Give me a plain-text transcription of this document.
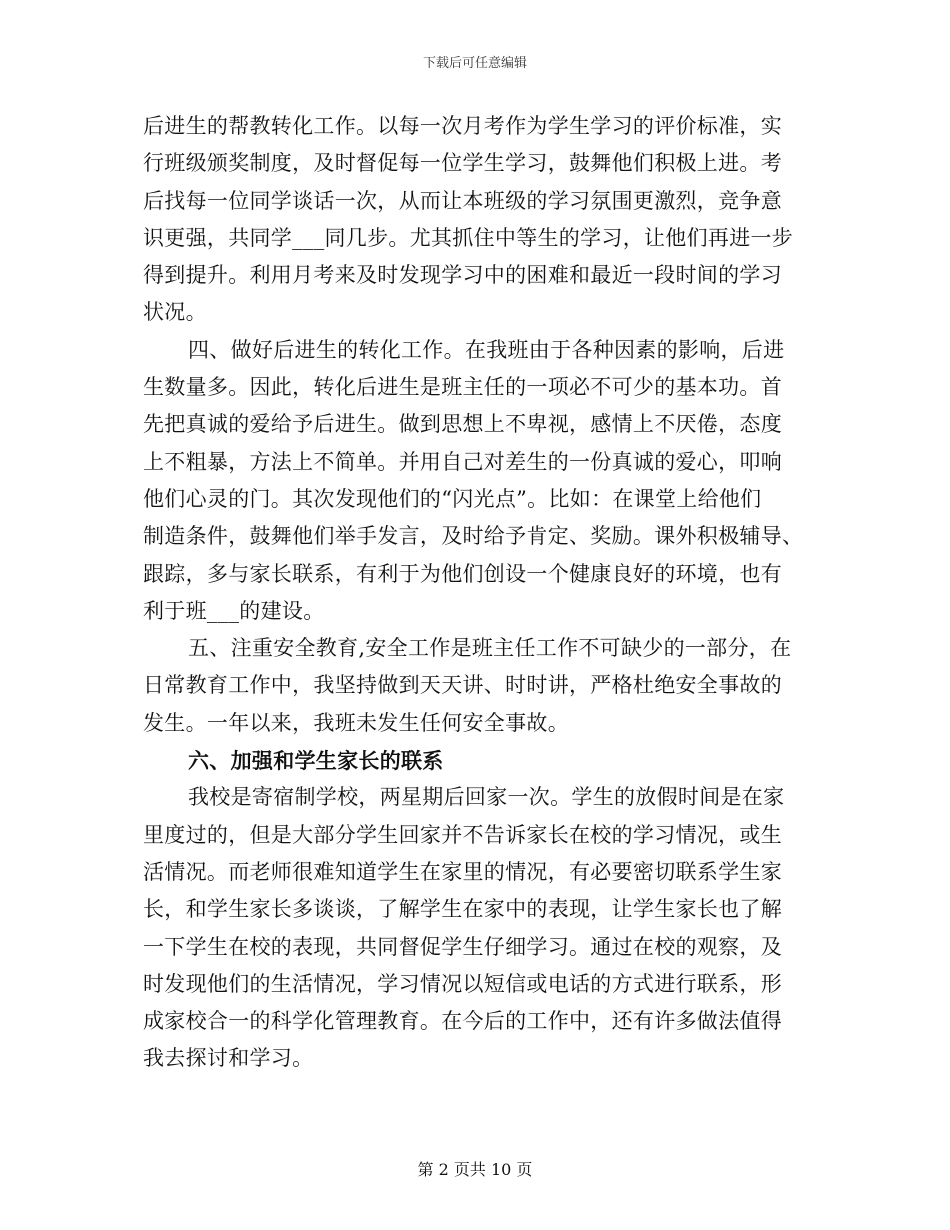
下载后可任意编辑
后进生的帮教转化工作。以每一次月考作为学生学习的评价标准，实
行班级颁奖制度，及时督促每一位学生学习，鼓舞他们积极上进。考
后找每一位同学谈话一次，从而让本班级的学习氛围更激烈，竞争意
识更强，共同学___同几步。尤其抓住中等生的学习，让他们再进一步
得到提升。利用月考来及时发现学习中的困难和最近一段时间的学习
状况。
四、做好后进生的转化工作。在我班由于各种因素的影响，后进
生数量多。因此，转化后进生是班主任的一项必不可少的基本功。首
先把真诚的爱给予后进生。做到思想上不卑视，感情上不厌倦，态度
上不粗暴，方法上不简单。并用自己对差生的一份真诚的爱心，叩响
他们心灵的门。其次发现他们的“闪光点”。比如：在课堂上给他们
制造条件，鼓舞他们举手发言，及时给予肯定、奖励。课外积极辅导、
跟踪，多与家长联系，有利于为他们创设一个健康良好的环境，也有
利于班___的建设。
五、注重安全教育,安全工作是班主任工作不可缺少的一部分，在
日常教育工作中，我坚持做到天天讲、时时讲，严格杜绝安全事故的
发生。一年以来，我班未发生任何安全事故。
六、加强和学生家长的联系
我校是寄宿制学校，两星期后回家一次。学生的放假时间是在家
里度过的，但是大部分学生回家并不告诉家长在校的学习情况，或生
活情况。而老师很难知道学生在家里的情况，有必要密切联系学生家
长，和学生家长多谈谈，了解学生在家中的表现，让学生家长也了解
一下学生在校的表现，共同督促学生仔细学习。通过在校的观察，及
时发现他们的生活情况，学习情况以短信或电话的方式进行联系，形
成家校合一的科学化管理教育。在今后的工作中，还有许多做法值得
我去探讨和学习。
第 2 页共 10 页
